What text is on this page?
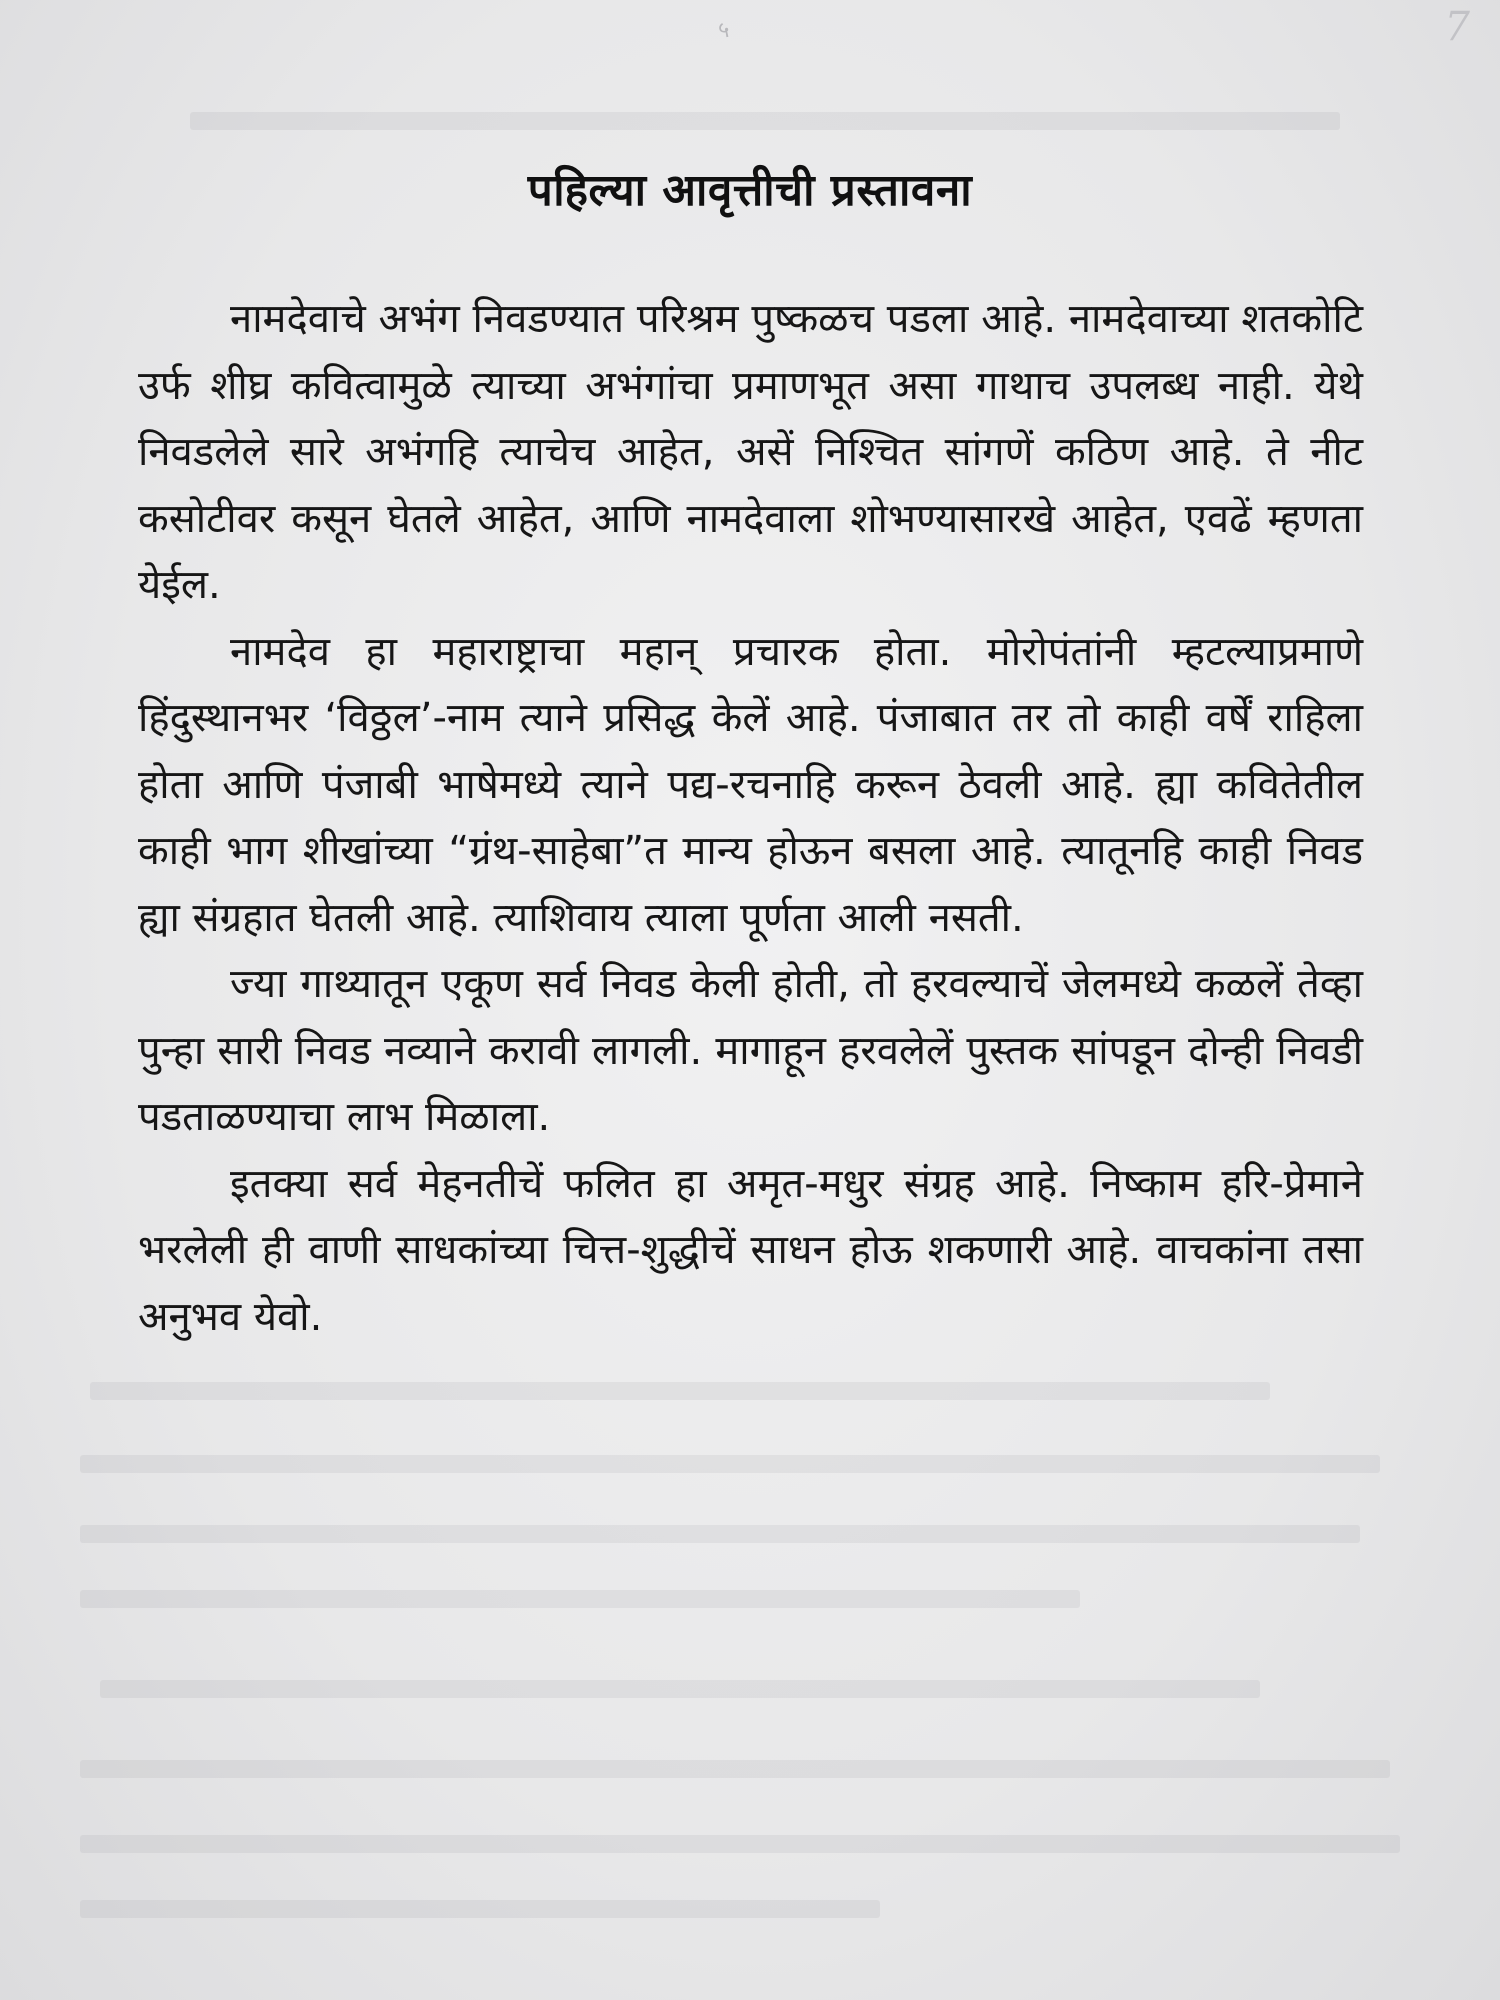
५	7
पहिल्या आवृत्तीची प्रस्तावना

नामदेवाचे अभंग निवडण्यात परिश्रम पुष्कळच पडला आहे. नामदेवाच्या शतकोटि उर्फ शीघ्र कवित्वामुळे त्याच्या अभंगांचा प्रमाणभूत असा गाथाच उपलब्ध नाही. येथे निवडलेले सारे अभंगहि त्याचेच आहेत, असें निश्चित सांगणें कठिण आहे. ते नीट कसोटीवर कसून घेतले आहेत, आणि नामदेवाला शोभण्यासारखे आहेत, एवढें म्हणता येईल.

नामदेव हा महाराष्ट्राचा महान् प्रचारक होता. मोरोपंतांनी म्हटल्याप्रमाणे हिंदुस्थानभर ‘विठ्ठल’-नाम त्याने प्रसिद्ध केलें आहे. पंजाबात तर तो काही वर्षें राहिला होता आणि पंजाबी भाषेमध्ये त्याने पद्य-रचनाहि करून ठेवली आहे. ह्या कवितेतील काही भाग शीखांच्या “ग्रंथ-साहेबा”त मान्य होऊन बसला आहे. त्यातूनहि काही निवड ह्या संग्रहात घेतली आहे. त्याशिवाय त्याला पूर्णता आली नसती.

ज्या गाथ्यातून एकूण सर्व निवड केली होती, तो हरवल्याचें जेलमध्ये कळलें तेव्हा पुन्हा सारी निवड नव्याने करावी लागली. मागाहून हरवलेलें पुस्तक सांपडून दोन्ही निवडी पडताळण्याचा लाभ मिळाला.

इतक्या सर्व मेहनतीचें फलित हा अमृत-मधुर संग्रह आहे. निष्काम हरि-प्रेमाने भरलेली ही वाणी साधकांच्या चित्त-शुद्धीचें साधन होऊ शकणारी आहे. वाचकांना तसा अनुभव येवो.
